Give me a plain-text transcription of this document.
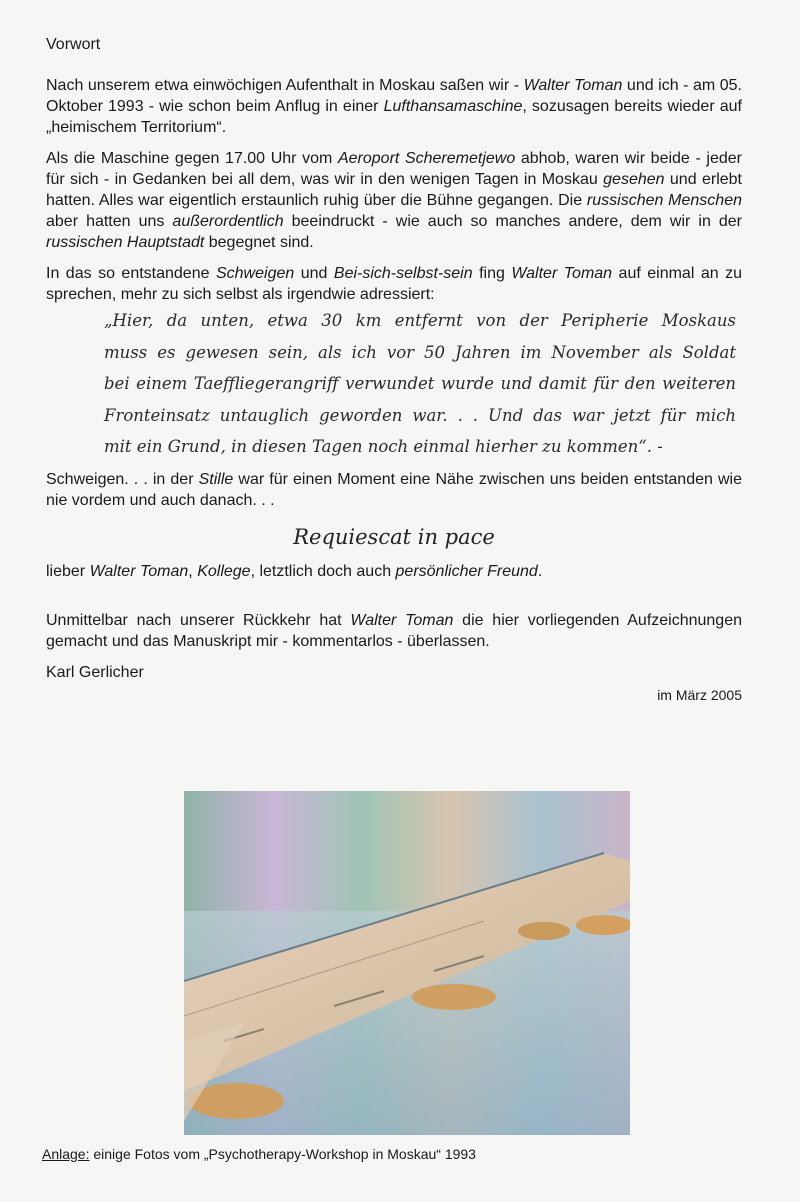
Vorwort

Nach unserem etwa einwöchigen Aufenthalt in Moskau saßen wir - Walter Toman und ich - am 05. Oktober 1993 - wie schon beim Anflug in einer Lufthansamaschine, sozusagen bereits wieder auf „heimischem Territorium“.

Als die Maschine gegen 17.00 Uhr vom Aeroport Scheremetjewo abhob, waren wir beide - jeder für sich - in Gedanken bei all dem, was wir in den wenigen Tagen in Moskau gesehen und erlebt hatten. Alles war eigentlich erstaunlich ruhig über die Bühne gegangen. Die russischen Menschen aber hatten uns außerordentlich beeindruckt - wie auch so manches andere, dem wir in der russischen Hauptstadt begegnet sind.

In das so entstandene Schweigen und Bei-sich-selbst-sein fing Walter Toman auf einmal an zu sprechen, mehr zu sich selbst als irgendwie adressiert:

„Hier, da unten, etwa 30 km entfernt von der Peripherie Moskaus
muss es gewesen sein, als ich vor 50 Jahren im November als Soldat
bei einem Taeffliegerangriff verwundet wurde und damit für den weiteren
Fronteinsatz untauglich geworden war. . . Und das war jetzt für mich
mit ein Grund, in diesen Tagen noch einmal hierher zu kommen“. -

Schweigen. . . in der Stille war für einen Moment eine Nähe zwischen uns beiden entstanden wie nie vordem und auch danach. . .

Requiescat in pace

lieber Walter Toman, Kollege, letztlich doch auch persönlicher Freund.

Unmittelbar nach unserer Rückkehr hat Walter Toman die hier vorliegenden Aufzeichnungen gemacht und das Manuskript mir - kommentarlos - überlassen.

Karl Gerlicher

im März 2005
Anlage: einige Fotos vom „Psychotherapy-Workshop in Moskau“ 1993
